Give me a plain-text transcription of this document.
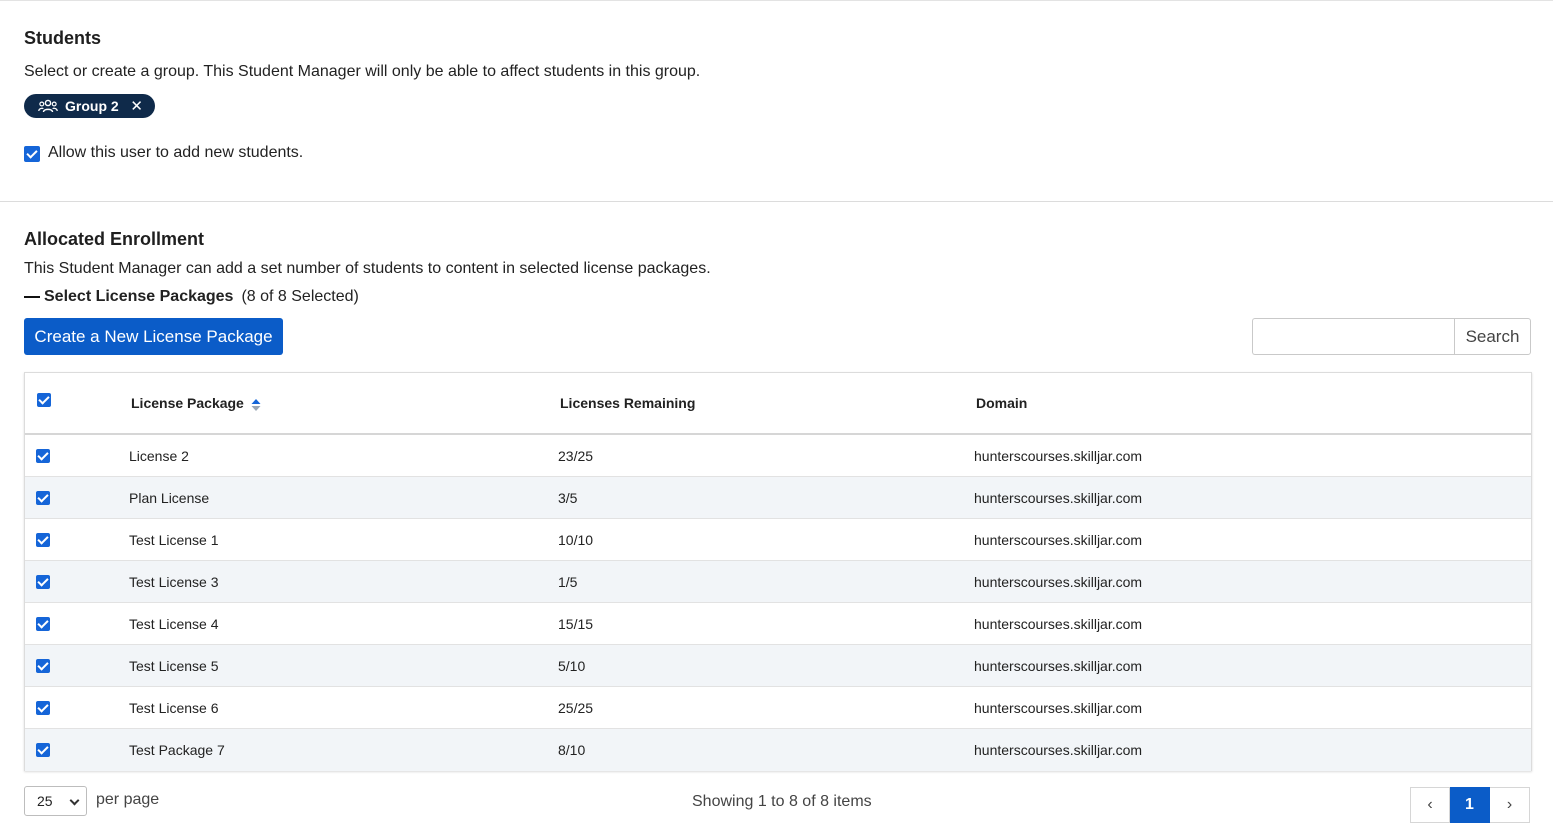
Students
Select or create a group. This Student Manager will only be able to affect students in this group.
Group 2 ✕
Allow this user to add new students.
Allocated Enrollment
This Student Manager can add a set number of students to content in selected license packages.
Select License Packages (8 of 8 Selected)
Create a New License Package	Search
License Package	Licenses Remaining	Domain
License 2	23/25	hunterscourses.skilljar.com
Plan License	3/5	hunterscourses.skilljar.com
Test License 1	10/10	hunterscourses.skilljar.com
Test License 3	1/5	hunterscourses.skilljar.com
Test License 4	15/15	hunterscourses.skilljar.com
Test License 5	5/10	hunterscourses.skilljar.com
Test License 6	25/25	hunterscourses.skilljar.com
Test Package 7	8/10	hunterscourses.skilljar.com
25	per page	Showing 1 to 8 of 8 items	‹	1	›
